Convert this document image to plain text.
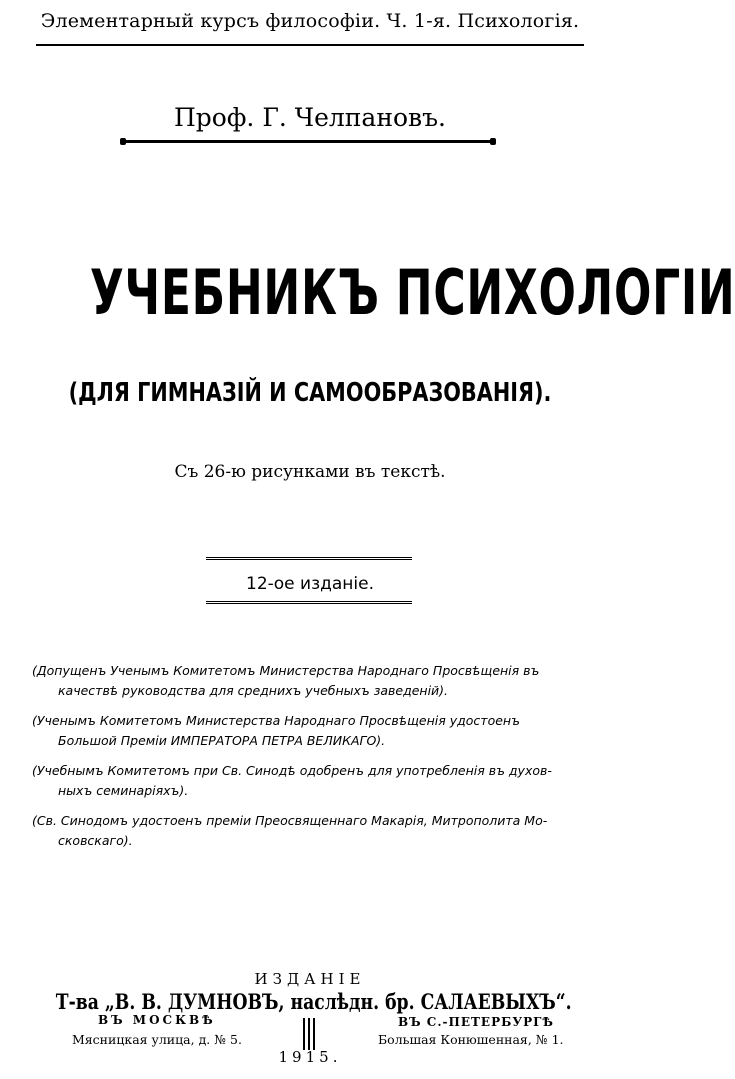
Элементарный курсъ философіи. Ч. 1-я. Психологія.
Проф. Г. Челпановъ.
УЧЕБНИКЪ ПСИХОЛОГІИ
(ДЛЯ ГИМНАЗІЙ И САМООБРАЗОВАНІЯ).
Съ 26-ю рисунками въ текстѣ.
12-ое изданіе.

(Допущенъ Ученымъ Комитетомъ Министерства Народнаго Просвѣщенія въ
качествѣ руководства для среднихъ учебныхъ заведеній).

(Ученымъ Комитетомъ Министерства Народнаго Просвѣщенія удостоенъ
Большой Преміи ИМПЕРАТОРА ПЕТРА ВЕЛИКАГО).

(Учебнымъ Комитетомъ при Св. Синодѣ одобренъ для употребленія въ духов-
ныхъ семинаріяхъ).

(Св. Синодомъ удостоенъ преміи Преосвященнаго Макарія, Митрополита Мо-
сковскаго).

ИЗДАНІЕ
Т-ва „В. В. ДУМНОВЪ, наслѣдн. бр. САЛАЕВЫХЪ“.
ВЪ МОСКВѢ
Мясницкая улица, д. № 5.
ВЪ С.-ПЕТЕРБУРГѢ
Большая Конюшенная, № 1.
1915.
